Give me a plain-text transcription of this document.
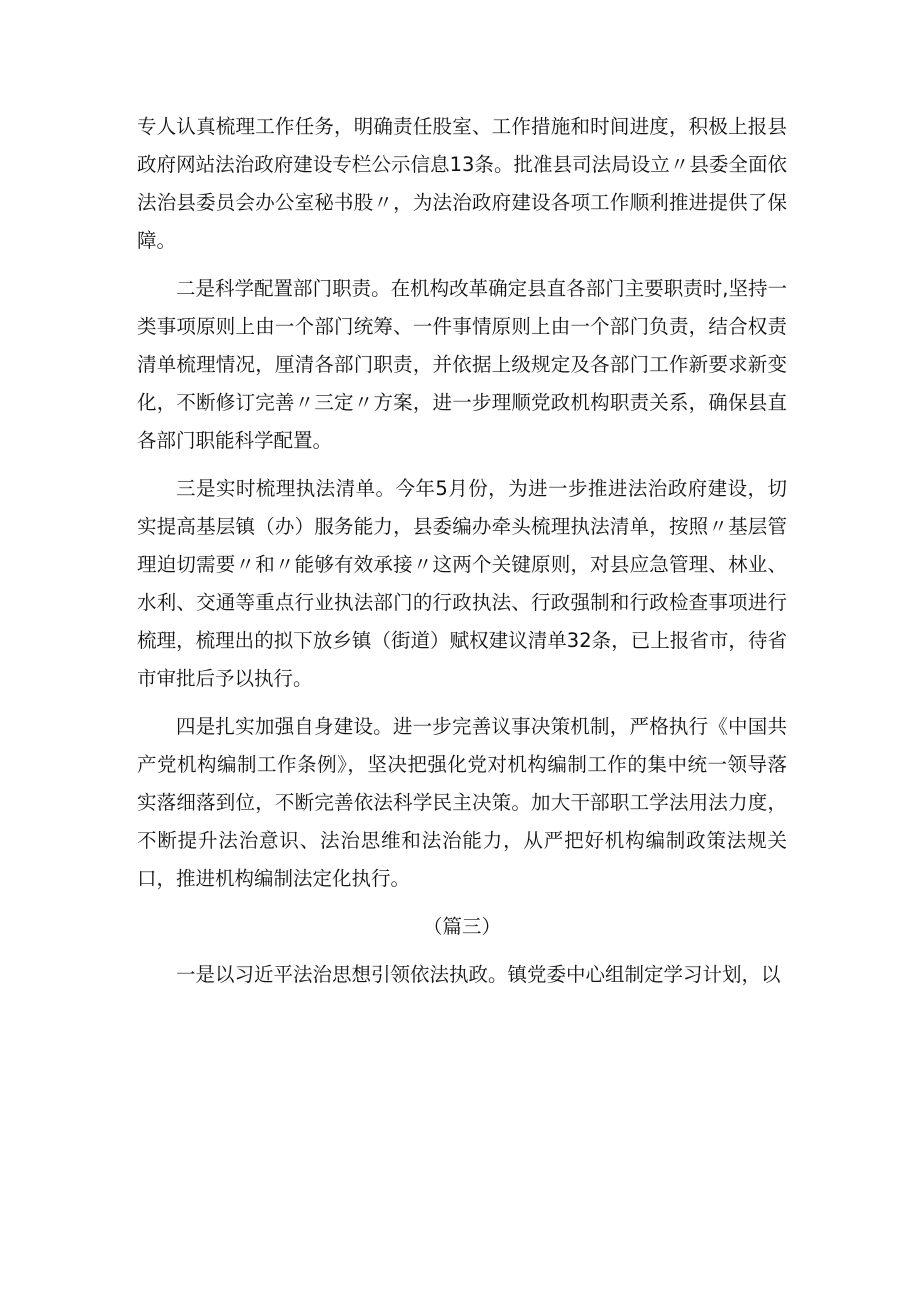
专人认真梳理工作任务，明确责任股室、工作措施和时间进度，积极上报县政府网站法治政府建设专栏公示信息13条。批准县司法局设立〃县委全面依法治县委员会办公室秘书股〃，为法治政府建设各项工作顺利推进提供了保障。

二是科学配置部门职责。在机构改革确定县直各部门主要职责时,坚持一类事项原则上由一个部门统筹、一件事情原则上由一个部门负责，结合权责清单梳理情况，厘清各部门职责，并依据上级规定及各部门工作新要求新变化，不断修订完善〃三定〃方案，进一步理顺党政机构职责关系，确保县直各部门职能科学配置。

三是实时梳理执法清单。今年5月份，为进一步推进法治政府建设，切实提高基层镇（办）服务能力，县委编办牵头梳理执法清单，按照〃基层管理迫切需要〃和〃能够有效承接〃这两个关键原则，对县应急管理、林业、水利、交通等重点行业执法部门的行政执法、行政强制和行政检查事项进行梳理，梳理出的拟下放乡镇（街道）赋权建议清单32条，已上报省市，待省市审批后予以执行。

四是扎实加强自身建设。进一步完善议事决策机制，严格执行《中国共产党机构编制工作条例》，坚决把强化党对机构编制工作的集中统一领导落实落细落到位，不断完善依法科学民主决策。加大干部职工学法用法力度，不断提升法治意识、法治思维和法治能力，从严把好机构编制政策法规关口，推进机构编制法定化执行。

（篇三）

一是以习近平法治思想引领依法执政。镇党委中心组制定学习计划，以
